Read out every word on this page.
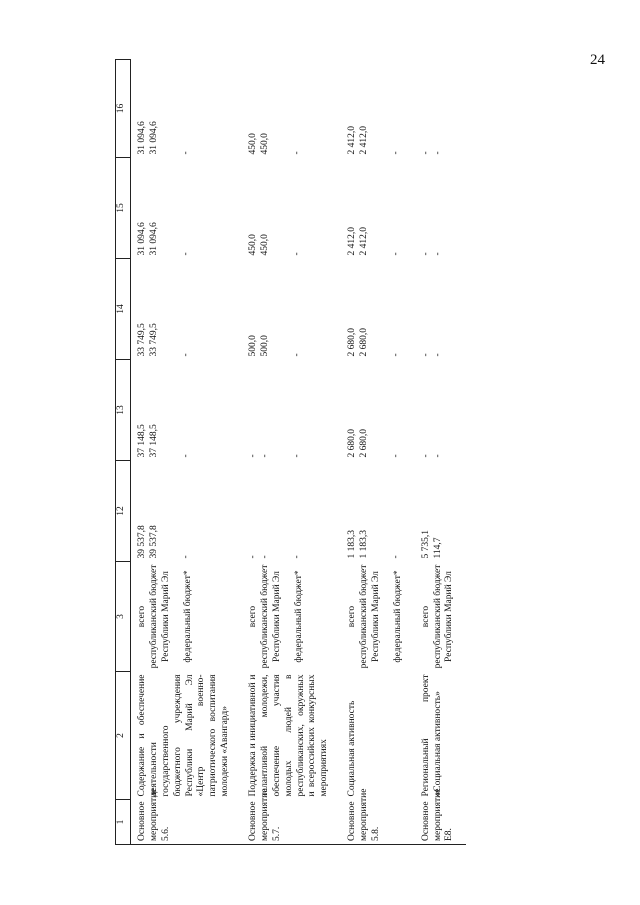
24
1	2	3	12	13	14	15	16
Основное мероприятие 5.6.	Содержание и обеспечение деятельности государственного бюджетного учреждения Республики Марий Эл «Центр военно-патриотического воспитания молодежи «Авангард»	всего республиканский бюджет Республики Марий Эл федеральный бюджет*	39 537,8 39 537,8 -	37 148,5 37 148,5 -	33 749,5 33 749,5 -	31 094,6 31 094,6 -	31 094,6 31 094,6 -

Основное мероприятие 5.7.	Поддержка и инициативной и талантливой молодежи, обеспечение участия молодых людей в республиканских, окружных и всероссийских конкурсных мероприятиях	всего республиканский бюджет Республики Марий Эл федеральный бюджет*	- - -	- - -	500,0 500,0 -	450,0 450,0 -	450,0 450,0 -

Основное мероприятие 5.8.	Социальная активность	всего республиканский бюджет Республики Марий Эл федеральный бюджет*	1 183,3 1 183,3 -	2 680,0 2 680,0 -	2 680,0 2 680,0 -	2 412,0 2 412,0 -	2 412,0 2 412,0 -

Основное мероприятие Е8.	Региональный проект «Социальная активность»	всего республиканский бюджет Республики Марий Эл	5 735,1 114,7	- -	- -	- -	- -
